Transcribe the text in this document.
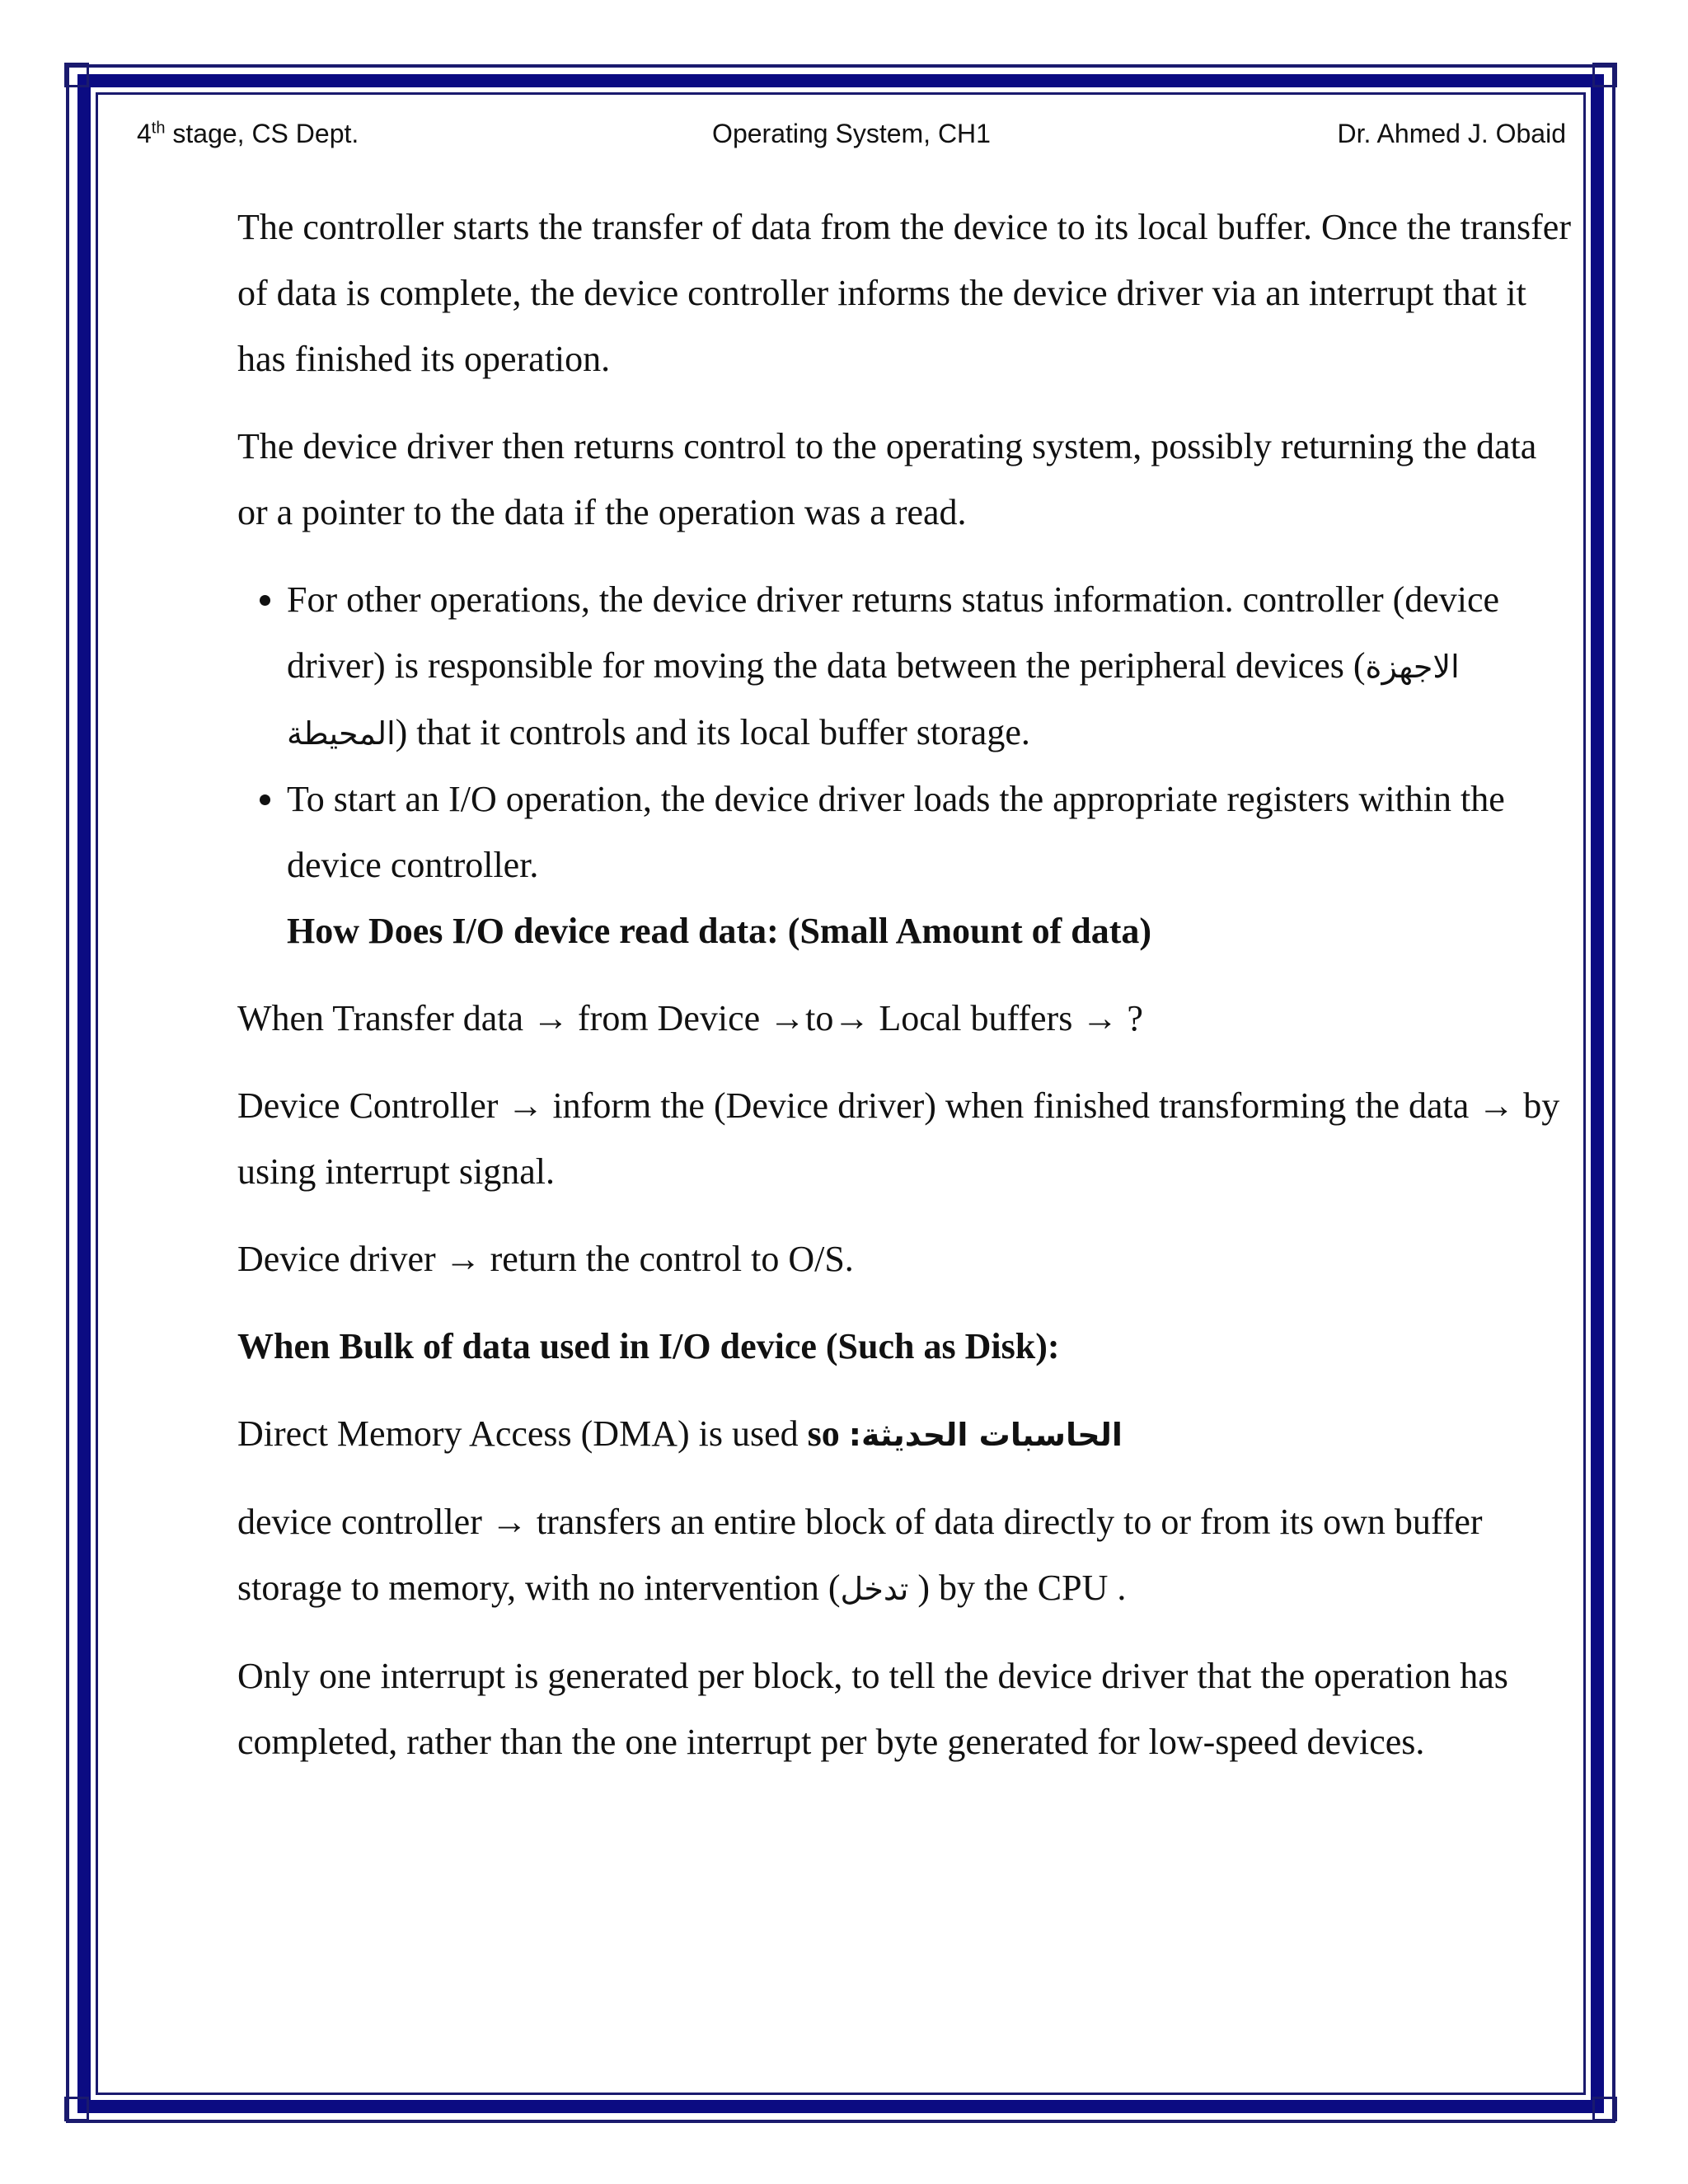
4th stage, CS Dept.	Operating System, CH1	Dr. Ahmed J. Obaid

The controller starts the transfer of data from the device to its local buffer. Once the transfer of data is complete, the device controller informs the device driver via an interrupt that it has finished its operation.

The device driver then returns control to the operating system, possibly returning the data or a pointer to the data if the operation was a read.

• For other operations, the device driver returns status information. controller (device driver) is responsible for moving the data between the peripheral devices (الاجهزة المحيطة) that it controls and its local buffer storage.
• To start an I/O operation, the device driver loads the appropriate registers within the device controller.

How Does I/O device read data: (Small Amount of data)

When Transfer data → from Device →to→ Local buffers → ?

Device Controller → inform the (Device driver) when finished transforming the data → by using interrupt signal.

Device driver → return the control to O/S.

When Bulk of data used in I/O device (Such as Disk):

Direct Memory Access (DMA) is used so الحاسبات الحديثة:

device controller → transfers an entire block of data directly to or from its own buffer storage to memory, with no intervention (تدخل ) by the CPU .

Only one interrupt is generated per block, to tell the device driver that the operation has completed, rather than the one interrupt per byte generated for low-speed devices.
